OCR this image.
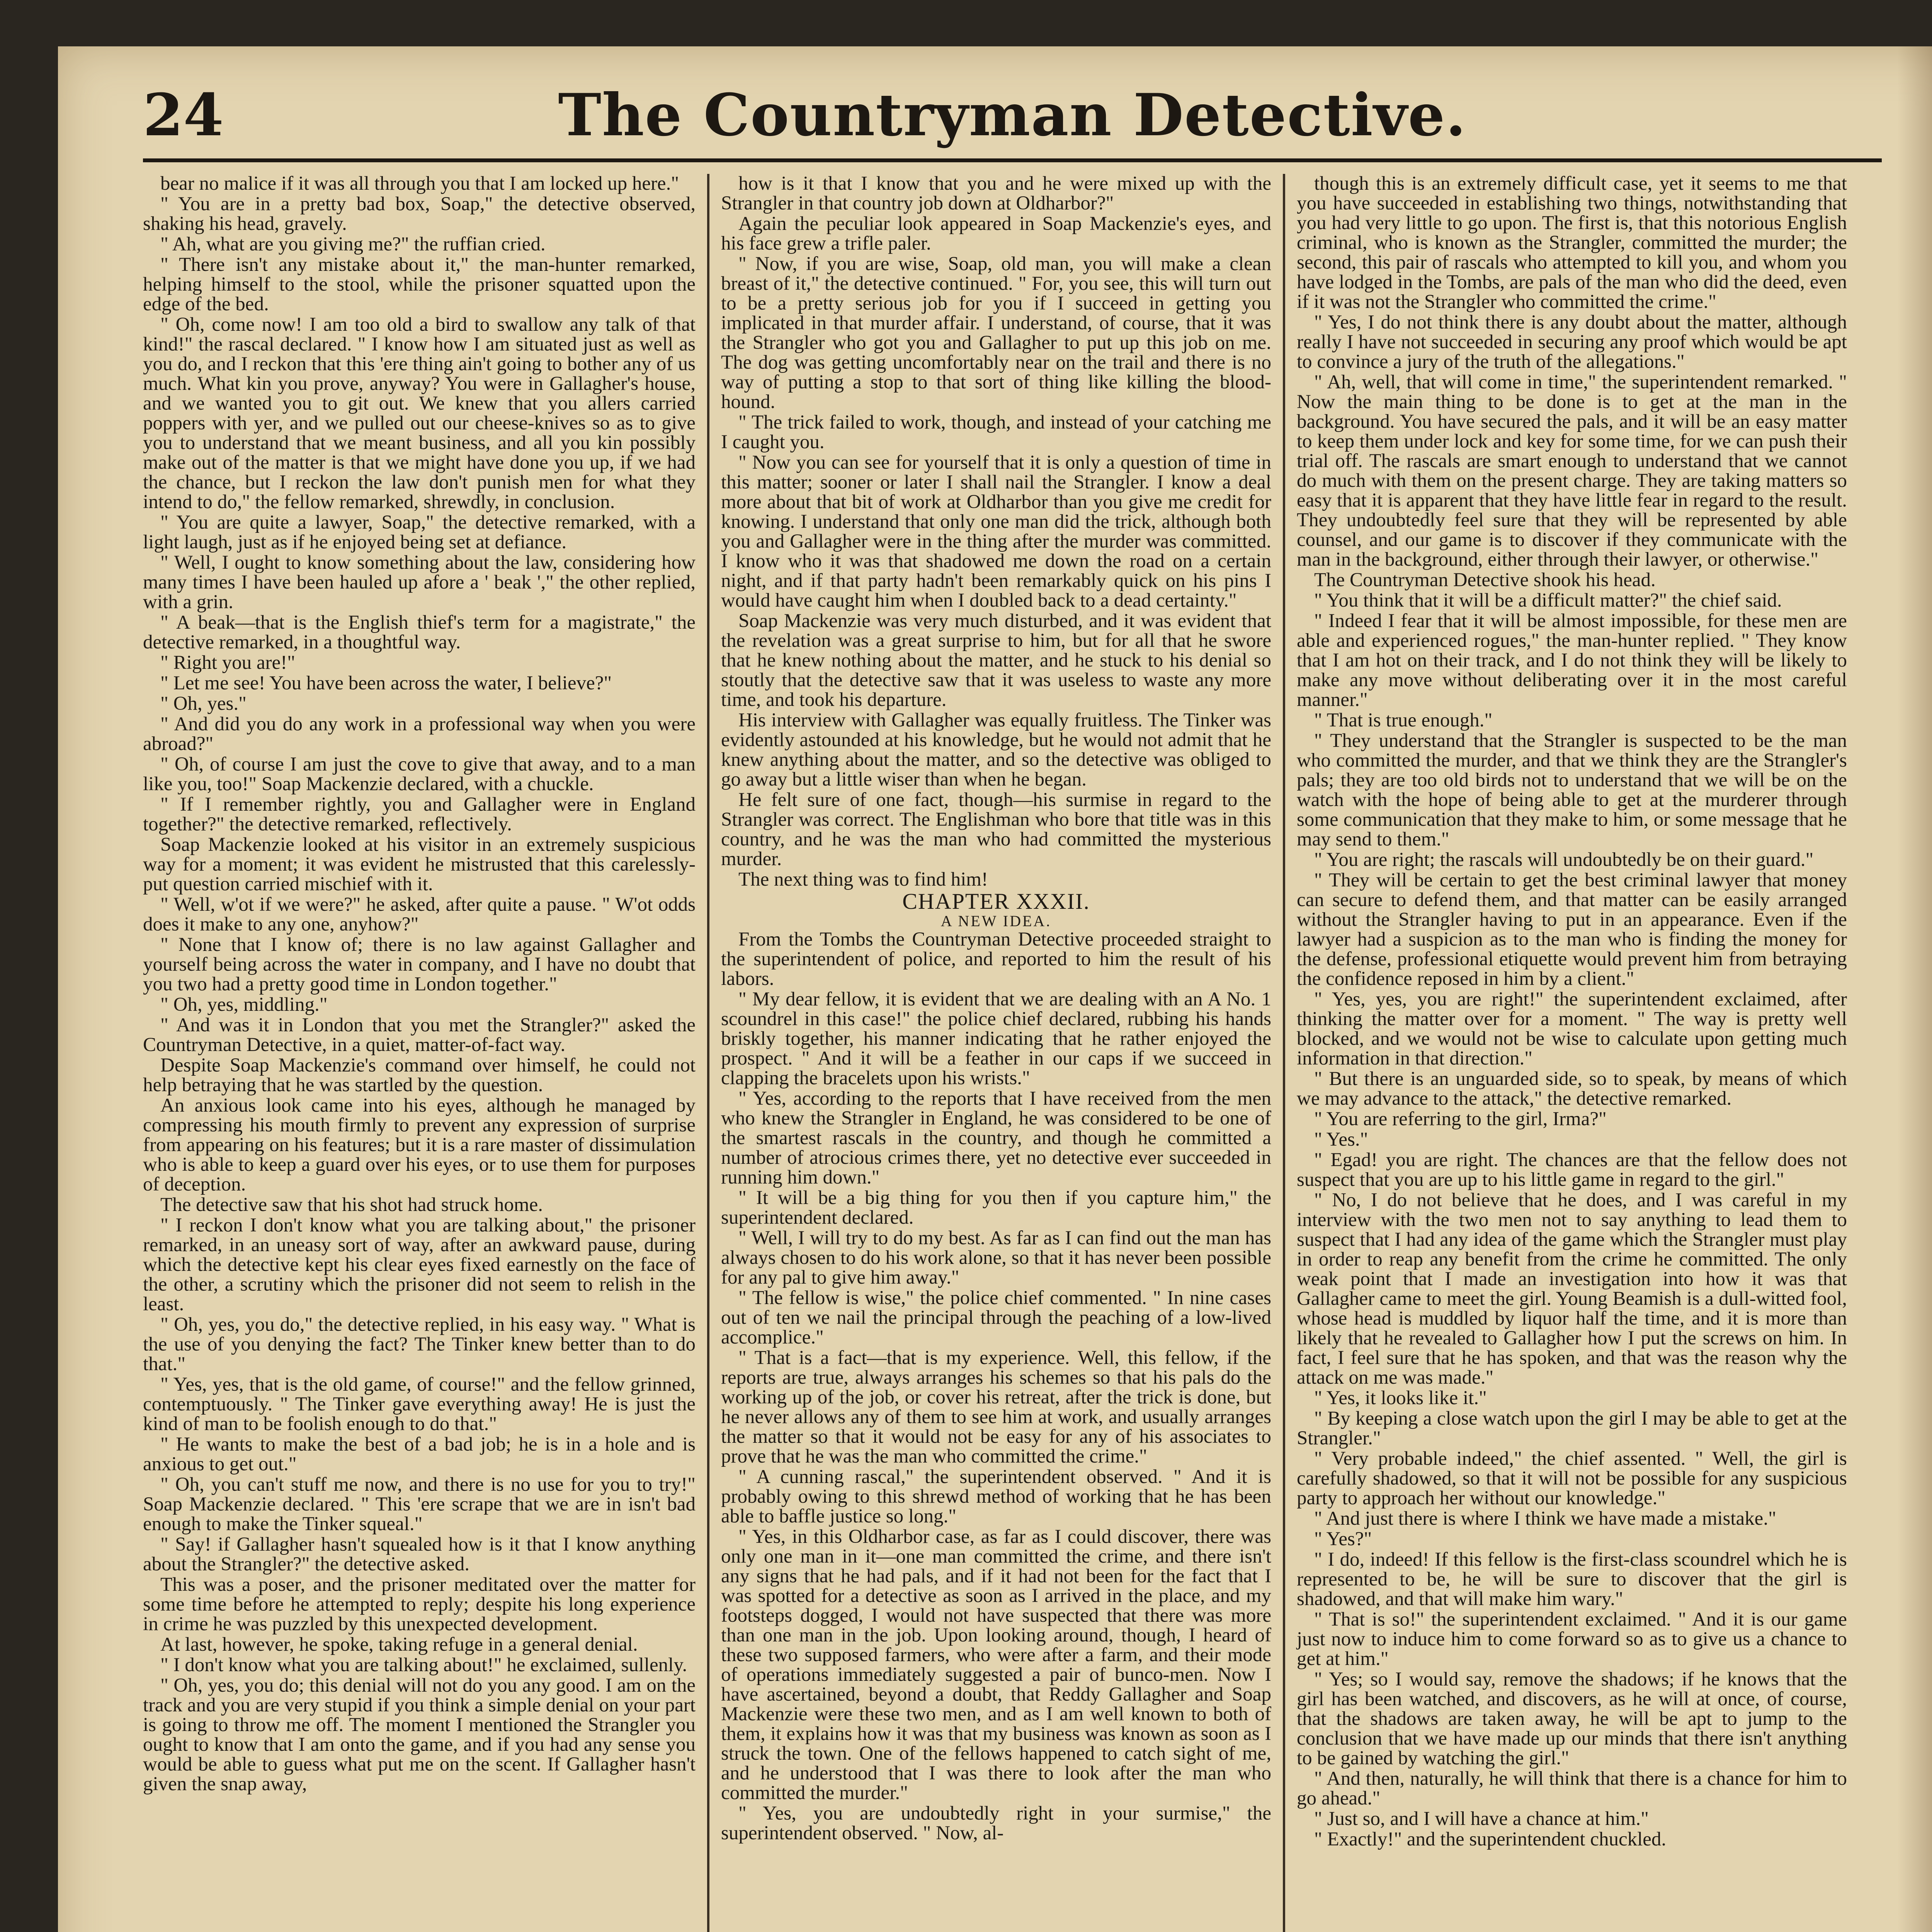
24	The Countryman Detective.

bear no malice if it was all through you that I am locked up here."

" You are in a pretty bad box, Soap," the detective observed, shaking his head, gravely.

" Ah, what are you giving me?" the ruffian cried.

" There isn't any mistake about it," the man-hunter remarked, helping himself to the stool, while the prisoner squatted upon the edge of the bed.

" Oh, come now! I am too old a bird to swallow any talk of that kind!" the rascal declared. " I know how I am situated just as well as you do, and I reckon that this 'ere thing ain't going to bother any of us much. What kin you prove, anyway? You were in Gallagher's house, and we wanted you to git out. We knew that you allers carried poppers with yer, and we pulled out our cheese-knives so as to give you to understand that we meant business, and all you kin possibly make out of the matter is that we might have done you up, if we had the chance, but I reckon the law don't punish men for what they intend to do," the fellow remarked, shrewdly, in conclusion.

" You are quite a lawyer, Soap," the detective remarked, with a light laugh, just as if he enjoyed being set at defiance.

" Well, I ought to know something about the law, considering how many times I have been hauled up afore a ' beak '," the other replied, with a grin.

" A beak—that is the English thief's term for a magistrate," the detective remarked, in a thoughtful way.

" Right you are!"

" Let me see! You have been across the water, I believe?"

" Oh, yes."

" And did you do any work in a professional way when you were abroad?"

" Oh, of course I am just the cove to give that away, and to a man like you, too!" Soap Mackenzie declared, with a chuckle.

" If I remember rightly, you and Gallagher were in England together?" the detective remarked, reflectively.

Soap Mackenzie looked at his visitor in an extremely suspicious way for a moment; it was evident he mistrusted that this carelessly-put question carried mischief with it.

" Well, w'ot if we were?" he asked, after quite a pause. " W'ot odds does it make to any one, anyhow?"

" None that I know of; there is no law against Gallagher and yourself being across the water in company, and I have no doubt that you two had a pretty good time in London together."

" Oh, yes, middling."

" And was it in London that you met the Strangler?" asked the Countryman Detective, in a quiet, matter-of-fact way.

Despite Soap Mackenzie's command over himself, he could not help betraying that he was startled by the question.

An anxious look came into his eyes, although he managed by compressing his mouth firmly to prevent any expression of surprise from appearing on his features; but it is a rare master of dissimulation who is able to keep a guard over his eyes, or to use them for purposes of deception.

The detective saw that his shot had struck home.

" I reckon I don't know what you are talking about," the prisoner remarked, in an uneasy sort of way, after an awkward pause, during which the detective kept his clear eyes fixed earnestly on the face of the other, a scrutiny which the prisoner did not seem to relish in the least.

" Oh, yes, you do," the detective replied, in his easy way. " What is the use of you denying the fact? The Tinker knew better than to do that."

" Yes, yes, that is the old game, of course!" and the fellow grinned, contemptuously. " The Tinker gave everything away! He is just the kind of man to be foolish enough to do that."

" He wants to make the best of a bad job; he is in a hole and is anxious to get out."

" Oh, you can't stuff me now, and there is no use for you to try!" Soap Mackenzie declared. " This 'ere scrape that we are in isn't bad enough to make the Tinker squeal."

" Say! if Gallagher hasn't squealed how is it that I know anything about the Strangler?" the detective asked.

This was a poser, and the prisoner meditated over the matter for some time before he attempted to reply; despite his long experience in crime he was puzzled by this unexpected development.

At last, however, he spoke, taking refuge in a general denial.

" I don't know what you are talking about!" he exclaimed, sullenly.

" Oh, yes, you do; this denial will not do you any good. I am on the track and you are very stupid if you think a simple denial on your part is going to throw me off. The moment I mentioned the Strangler you ought to know that I am onto the game, and if you had any sense you would be able to guess what put me on the scent. If Gallagher hasn't given the snap away,

how is it that I know that you and he were mixed up with the Strangler in that country job down at Oldharbor?"

Again the peculiar look appeared in Soap Mackenzie's eyes, and his face grew a trifle paler.

" Now, if you are wise, Soap, old man, you will make a clean breast of it," the detective continued. " For, you see, this will turn out to be a pretty serious job for you if I succeed in getting you implicated in that murder affair. I understand, of course, that it was the Strangler who got you and Gallagher to put up this job on me. The dog was getting uncomfortably near on the trail and there is no way of putting a stop to that sort of thing like killing the blood-hound.

" The trick failed to work, though, and instead of your catching me I caught you.

" Now you can see for yourself that it is only a question of time in this matter; sooner or later I shall nail the Strangler. I know a deal more about that bit of work at Oldharbor than you give me credit for knowing. I understand that only one man did the trick, although both you and Gallagher were in the thing after the murder was committed. I know who it was that shadowed me down the road on a certain night, and if that party hadn't been remarkably quick on his pins I would have caught him when I doubled back to a dead certainty."

Soap Mackenzie was very much disturbed, and it was evident that the revelation was a great surprise to him, but for all that he swore that he knew nothing about the matter, and he stuck to his denial so stoutly that the detective saw that it was useless to waste any more time, and took his departure.

His interview with Gallagher was equally fruitless. The Tinker was evidently astounded at his knowledge, but he would not admit that he knew anything about the matter, and so the detective was obliged to go away but a little wiser than when he began.

He felt sure of one fact, though—his surmise in regard to the Strangler was correct. The Englishman who bore that title was in this country, and he was the man who had committed the mysterious murder.

The next thing was to find him!

CHAPTER XXXII.

A NEW IDEA.

From the Tombs the Countryman Detective proceeded straight to the superintendent of police, and reported to him the result of his labors.

" My dear fellow, it is evident that we are dealing with an A No. 1 scoundrel in this case!" the police chief declared, rubbing his hands briskly together, his manner indicating that he rather enjoyed the prospect. " And it will be a feather in our caps if we succeed in clapping the bracelets upon his wrists."

" Yes, according to the reports that I have received from the men who knew the Strangler in England, he was considered to be one of the smartest rascals in the country, and though he committed a number of atrocious crimes there, yet no detective ever succeeded in running him down."

" It will be a big thing for you then if you capture him," the superintendent declared.

" Well, I will try to do my best. As far as I can find out the man has always chosen to do his work alone, so that it has never been possible for any pal to give him away."

" The fellow is wise," the police chief commented. " In nine cases out of ten we nail the principal through the peaching of a low-lived accomplice."

" That is a fact—that is my experience. Well, this fellow, if the reports are true, always arranges his schemes so that his pals do the working up of the job, or cover his retreat, after the trick is done, but he never allows any of them to see him at work, and usually arranges the matter so that it would not be easy for any of his associates to prove that he was the man who committed the crime."

" A cunning rascal," the superintendent observed. " And it is probably owing to this shrewd method of working that he has been able to baffle justice so long."

" Yes, in this Oldharbor case, as far as I could discover, there was only one man in it—one man committed the crime, and there isn't any signs that he had pals, and if it had not been for the fact that I was spotted for a detective as soon as I arrived in the place, and my footsteps dogged, I would not have suspected that there was more than one man in the job. Upon looking around, though, I heard of these two supposed farmers, who were after a farm, and their mode of operations immediately suggested a pair of bunco-men. Now I have ascertained, beyond a doubt, that Reddy Gallagher and Soap Mackenzie were these two men, and as I am well known to both of them, it explains how it was that my business was known as soon as I struck the town. One of the fellows happened to catch sight of me, and he understood that I was there to look after the man who committed the murder."

" Yes, you are undoubtedly right in your surmise," the superintendent observed. " Now, al-

though this is an extremely difficult case, yet it seems to me that you have succeeded in establishing two things, notwithstanding that you had very little to go upon. The first is, that this notorious English criminal, who is known as the Strangler, committed the murder; the second, this pair of rascals who attempted to kill you, and whom you have lodged in the Tombs, are pals of the man who did the deed, even if it was not the Strangler who committed the crime."

" Yes, I do not think there is any doubt about the matter, although really I have not succeeded in securing any proof which would be apt to convince a jury of the truth of the allegations."

" Ah, well, that will come in time," the superintendent remarked. " Now the main thing to be done is to get at the man in the background. You have secured the pals, and it will be an easy matter to keep them under lock and key for some time, for we can push their trial off. The rascals are smart enough to understand that we cannot do much with them on the present charge. They are taking matters so easy that it is apparent that they have little fear in regard to the result. They undoubtedly feel sure that they will be represented by able counsel, and our game is to discover if they communicate with the man in the background, either through their lawyer, or otherwise."

The Countryman Detective shook his head.

" You think that it will be a difficult matter?" the chief said.

" Indeed I fear that it will be almost impossible, for these men are able and experienced rogues," the man-hunter replied. " They know that I am hot on their track, and I do not think they will be likely to make any move without deliberating over it in the most careful manner."

" That is true enough."

" They understand that the Strangler is suspected to be the man who committed the murder, and that we think they are the Strangler's pals; they are too old birds not to understand that we will be on the watch with the hope of being able to get at the murderer through some communication that they make to him, or some message that he may send to them."

" You are right; the rascals will undoubtedly be on their guard."

" They will be certain to get the best criminal lawyer that money can secure to defend them, and that matter can be easily arranged without the Strangler having to put in an appearance. Even if the lawyer had a suspicion as to the man who is finding the money for the defense, professional etiquette would prevent him from betraying the confidence reposed in him by a client."

" Yes, yes, you are right!" the superintendent exclaimed, after thinking the matter over for a moment. " The way is pretty well blocked, and we would not be wise to calculate upon getting much information in that direction."

" But there is an unguarded side, so to speak, by means of which we may advance to the attack," the detective remarked.

" You are referring to the girl, Irma?"

" Yes."

" Egad! you are right. The chances are that the fellow does not suspect that you are up to his little game in regard to the girl."

" No, I do not believe that he does, and I was careful in my interview with the two men not to say anything to lead them to suspect that I had any idea of the game which the Strangler must play in order to reap any benefit from the crime he committed. The only weak point that I made an investigation into how it was that Gallagher came to meet the girl. Young Beamish is a dull-witted fool, whose head is muddled by liquor half the time, and it is more than likely that he revealed to Gallagher how I put the screws on him. In fact, I feel sure that he has spoken, and that was the reason why the attack on me was made."

" Yes, it looks like it."

" By keeping a close watch upon the girl I may be able to get at the Strangler."

" Very probable indeed," the chief assented. " Well, the girl is carefully shadowed, so that it will not be possible for any suspicious party to approach her without our knowledge."

" And just there is where I think we have made a mistake."

" Yes?"

" I do, indeed! If this fellow is the first-class scoundrel which he is represented to be, he will be sure to discover that the girl is shadowed, and that will make him wary."

" That is so!" the superintendent exclaimed. " And it is our game just now to induce him to come forward so as to give us a chance to get at him."

" Yes; so I would say, remove the shadows; if he knows that the girl has been watched, and discovers, as he will at once, of course, that the shadows are taken away, he will be apt to jump to the conclusion that we have made up our minds that there isn't anything to be gained by watching the girl."

" And then, naturally, he will think that there is a chance for him to go ahead."

" Just so, and I will have a chance at him."

" Exactly!" and the superintendent chuckled.
